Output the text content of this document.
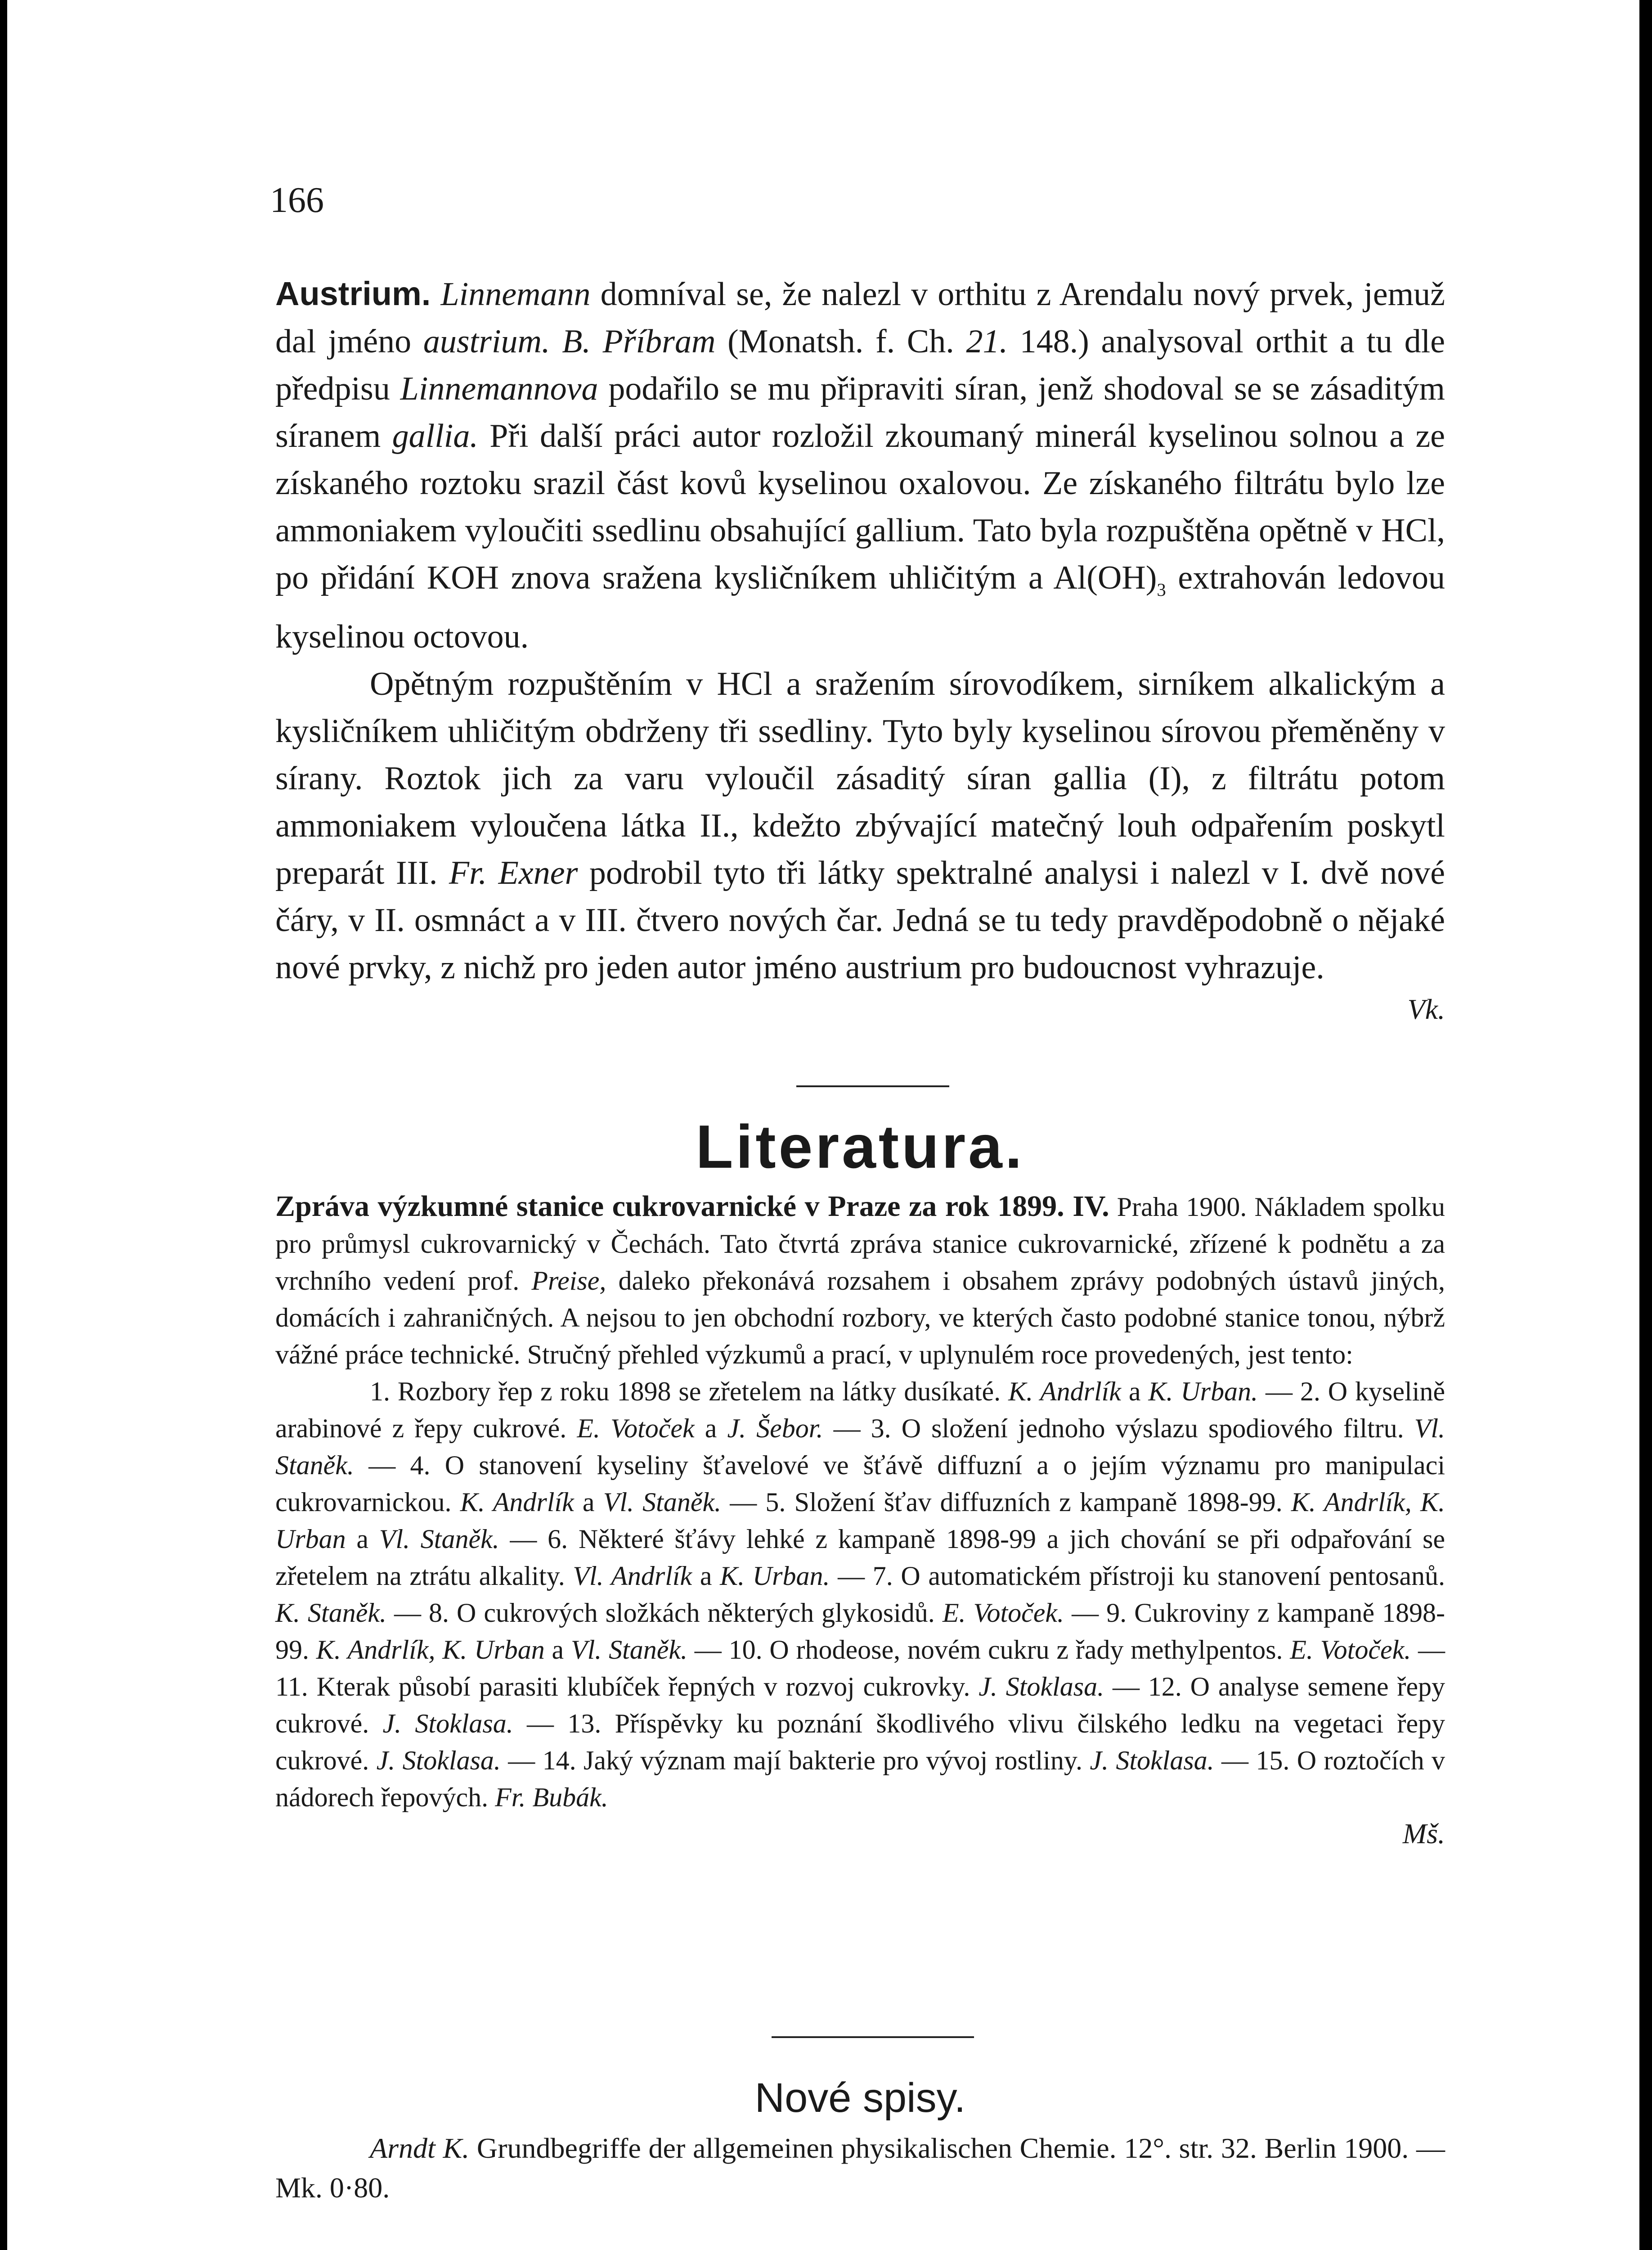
166

Austrium. Linnemann domníval se, že nalezl v orthitu z Arendalu nový prvek, jemuž dal jméno austrium. B. Příbram (Monatsh. f. Ch. 21. 148.) analysoval orthit a tu dle předpisu Linnemannova podařilo se mu připraviti síran, jenž shodoval se se zásaditým síranem gallia. Při další práci autor rozložil zkoumaný minerál kyselinou solnou a ze získaného roztoku srazil část kovů kyselinou oxalovou. Ze získaného filtrátu bylo lze ammoniakem vyloučiti ssedlinu obsahující gallium. Tato byla rozpuštěna opětně v HCl, po přidání KOH znova sražena kysličníkem uhličitým a $Al(OH)_3$ extrahován ledovou kyselinou octovou.

Opětným rozpuštěním v HCl a sražením sírovodíkem, sirníkem alkalickým a kysličníkem uhličitým obdrženy tři ssedliny. Tyto byly kyselinou sírovou přeměněny v sírany. Roztok jich za varu vyloučil zásaditý síran gallia (I), z filtrátu potom ammoniakem vyloučena látka II., kdežto zbývající matečný louh odpařením poskytl preparát III. Fr. Exner podrobil tyto tři látky spektralné analysi i nalezl v I. dvě nové čáry, v II. osmnáct a v III. čtvero nových čar. Jedná se tu tedy pravděpodobně o nějaké nové prvky, z nichž pro jeden autor jméno austrium pro budoucnost vyhrazuje.

Vk.
Literatura.

Zpráva výzkumné stanice cukrovarnické v Praze za rok 1899. IV. Praha 1900. Nákladem spolku pro průmysl cukrovarnický v Čechách. Tato čtvrtá zpráva stanice cukrovarnické, zřízené k podnětu a za vrchního vedení prof. Preise, daleko překonává rozsahem i obsahem zprávy podobných ústavů jiných, domácích i zahraničných. A nejsou to jen obchodní rozbory, ve kterých často podobné stanice tonou, nýbrž vážné práce technické. Stručný přehled výzkumů a prací, v uplynulém roce provedených, jest tento:

1. Rozbory řep z roku 1898 se zřetelem na látky dusíkaté. K. Andrlík a K. Urban. — 2. O kyselině arabinové z řepy cukrové. E. Votoček a J. Šebor. — 3. O složení jednoho výslazu spodiového filtru. Vl. Staněk. — 4. O stanovení kyseliny šťavelové ve šťávě diffuzní a o jejím významu pro manipulaci cukrovarnickou. K. Andrlík a Vl. Staněk. — 5. Složení šťav diffuzních z kampaně 1898-99. K. Andrlík, K. Urban a Vl. Staněk. — 6. Některé šťávy lehké z kampaně 1898-99 a jich chování se při odpařování se zřetelem na ztrátu alkality. Vl. Andrlík a K. Urban. — 7. O automatickém přístroji ku stanovení pentosanů. K. Staněk. — 8. O cukrových složkách některých glykosidů. E. Votoček. — 9. Cukroviny z kampaně 1898-99. K. Andrlík, K. Urban a Vl. Staněk. — 10. O rhodeose, novém cukru z řady methylpentos. E. Votoček. — 11. Kterak působí parasiti klubíček řepných v rozvoj cukrovky. J. Stoklasa. — 12. O analyse semene řepy cukrové. J. Stoklasa. — 13. Příspěvky ku poznání škodlivého vlivu čilského ledku na vegetaci řepy cukrové. J. Stoklasa. — 14. Jaký význam mají bakterie pro vývoj rostliny. J. Stoklasa. — 15. O roztočích v nádorech řepových. Fr. Bubák.

Mš.
Nové spisy.

Arndt K. Grundbegriffe der allgemeinen physikalischen Chemie. 12°. str. 32. Berlin 1900. — Mk. 0·80.
